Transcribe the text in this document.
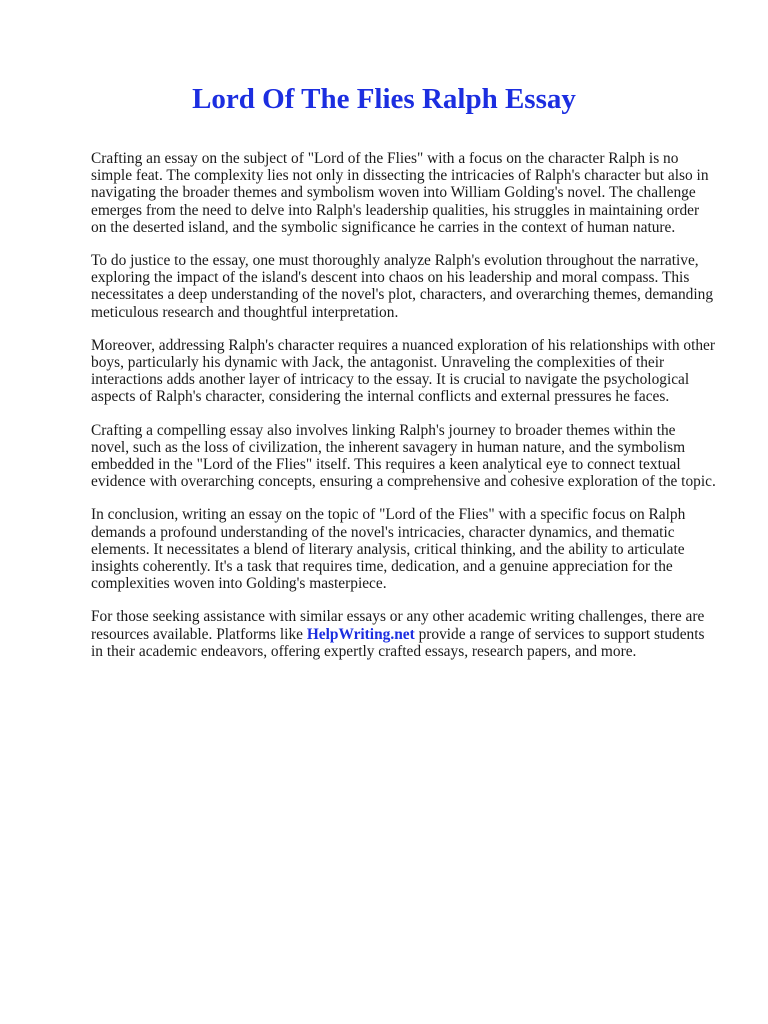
Lord Of The Flies Ralph Essay

Crafting an essay on the subject of "Lord of the Flies" with a focus on the character Ralph is no simple feat. The complexity lies not only in dissecting the intricacies of Ralph's character but also in navigating the broader themes and symbolism woven into William Golding's novel. The challenge emerges from the need to delve into Ralph's leadership qualities, his struggles in maintaining order on the deserted island, and the symbolic significance he carries in the context of human nature.

To do justice to the essay, one must thoroughly analyze Ralph's evolution throughout the narrative, exploring the impact of the island's descent into chaos on his leadership and moral compass. This necessitates a deep understanding of the novel's plot, characters, and overarching themes, demanding meticulous research and thoughtful interpretation.

Moreover, addressing Ralph's character requires a nuanced exploration of his relationships with other boys, particularly his dynamic with Jack, the antagonist. Unraveling the complexities of their interactions adds another layer of intricacy to the essay. It is crucial to navigate the psychological aspects of Ralph's character, considering the internal conflicts and external pressures he faces.

Crafting a compelling essay also involves linking Ralph's journey to broader themes within the novel, such as the loss of civilization, the inherent savagery in human nature, and the symbolism embedded in the "Lord of the Flies" itself. This requires a keen analytical eye to connect textual evidence with overarching concepts, ensuring a comprehensive and cohesive exploration of the topic.

In conclusion, writing an essay on the topic of "Lord of the Flies" with a specific focus on Ralph demands a profound understanding of the novel's intricacies, character dynamics, and thematic elements. It necessitates a blend of literary analysis, critical thinking, and the ability to articulate insights coherently. It's a task that requires time, dedication, and a genuine appreciation for the complexities woven into Golding's masterpiece.

For those seeking assistance with similar essays or any other academic writing challenges, there are resources available. Platforms like HelpWriting.net provide a range of services to support students in their academic endeavors, offering expertly crafted essays, research papers, and more.
